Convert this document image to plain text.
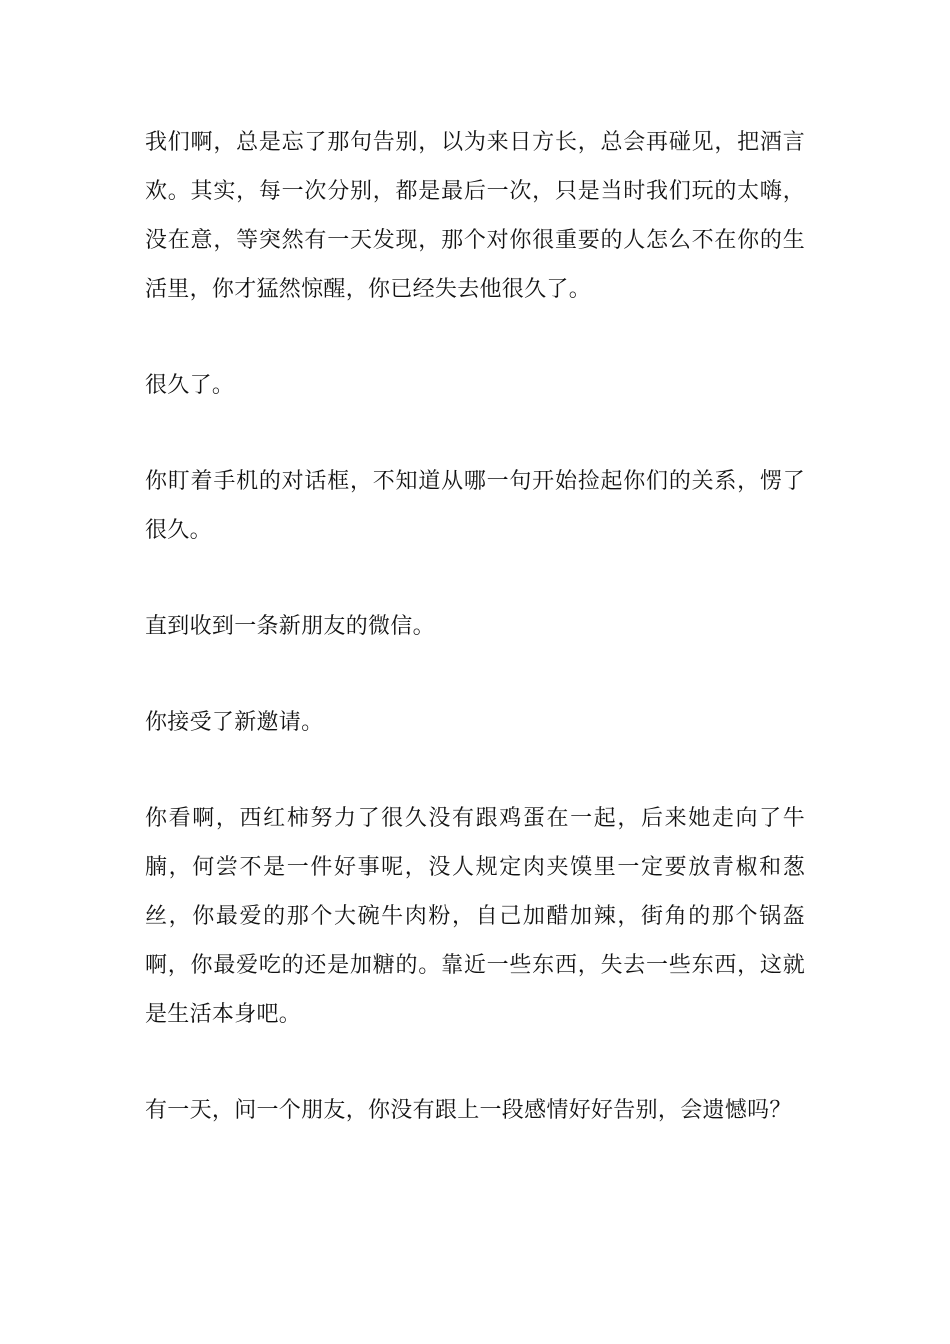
我们啊，总是忘了那句告别，以为来日方长，总会再碰见，把酒言欢。其实，每一次分别，都是最后一次，只是当时我们玩的太嗨，没在意，等突然有一天发现，那个对你很重要的人怎么不在你的生活里，你才猛然惊醒，你已经失去他很久了。

很久了。

你盯着手机的对话框，不知道从哪一句开始捡起你们的关系，愣了很久。

直到收到一条新朋友的微信。

你接受了新邀请。

你看啊，西红柿努力了很久没有跟鸡蛋在一起，后来她走向了牛腩，何尝不是一件好事呢，没人规定肉夹馍里一定要放青椒和葱丝，你最爱的那个大碗牛肉粉，自己加醋加辣，街角的那个锅盔啊，你最爱吃的还是加糖的。靠近一些东西，失去一些东西，这就是生活本身吧。

有一天，问一个朋友，你没有跟上一段感情好好告别，会遗憾吗？
